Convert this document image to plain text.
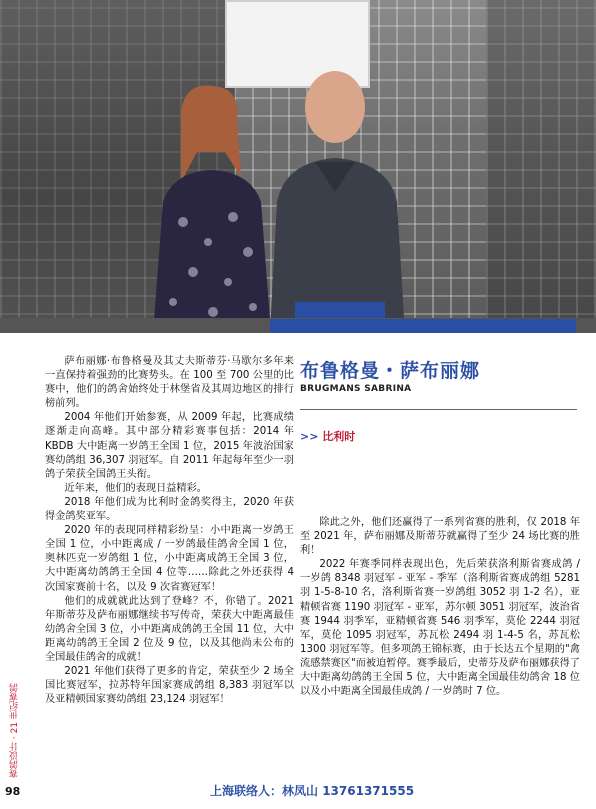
萨布丽娜·布鲁格曼及其丈夫斯蒂芬·马歇尔多年来一直保持着强劲的比赛势头。在 100 至 700 公里的比赛中，他们的鸽舍始终处于林堡省及其周边地区的排行榜前列。

2004 年他们开始参赛，从 2009 年起，比赛成绩逐渐走向高峰。其中部分精彩赛事包括：2014 年 KBDB 大中距离一岁鸽王全国 1 位，2015 年波治国家赛幼鸽组 36,307 羽冠军。自 2011 年起每年至少一羽鸽子荣获全国鸽王头衔。

近年来，他们的表现日益精彩。

2018 年他们成为比利时金鸽奖得主，2020 年获得金鸽奖亚军。

2020 年的表现同样精彩纷呈：小中距离一岁鸽王全国 1 位，小中距离成 / 一岁鸽最佳鸽舍全国 1 位，奥林匹克一岁鸽组 1 位，小中距离成鸽王全国 3 位，大中距离幼鸽鸽王全国 4 位等……除此之外还获得 4 次国家赛前十名，以及 9 次省赛冠军！

他们的成就就此达到了登峰？不，你错了。2021 年斯蒂芬及萨布丽娜继续书写传奇，荣获大中距离最佳幼鸽舍全国 3 位，小中距离成鸽鸽王全国 11 位，大中距离幼鸽鸽王全国 2 位及 9 位，以及其他尚未公布的全国最佳鸽舍的成就！

2021 年他们获得了更多的肯定，荣获至少 2 场全国比赛冠军，拉苏特年国家赛成鸽组 8,383 羽冠军以及亚精顿国家赛幼鸽组 23,124 羽冠军！

布鲁格曼・萨布丽娜
BRUGMANS SABRINA
>> 比利时

除此之外，他们还赢得了一系列省赛的胜利，仅 2018 年至 2021 年，萨布丽娜及斯蒂芬就赢得了至少 24 场比赛的胜利！

2022 年赛季同样表现出色，先后荣获洛利斯省赛成鸽 / 一岁鸽 8348 羽冠军 - 亚军 - 季军（洛利斯省赛成鸽组 5281 羽 1-5-8-10 名，洛利斯省赛一岁鸽组 3052 羽 1-2 名），亚精顿省赛 1190 羽冠军 - 亚军，苏尔顿 3051 羽冠军，波治省赛 1944 羽季军，亚精顿省赛 546 羽季军，莫伦 2244 羽冠军，莫伦 1095 羽冠军，苏瓦松 2494 羽 1-4-5 名，苏瓦松 1300 羽冠军等。但多项鸽王锦标赛，由于长达五个星期的"禽流感禁赛区"而被迫暂停。赛季最后，史蒂芬及萨布丽娜获得了大中距离幼鸽鸽王全国 5 位，大中距离全国最佳幼鸽舍 18 位以及小中距离全国最佳成鸽 / 一岁鸽时 7 位。

赛鸽设计 · 21 世纪赛鸽
98	上海联络人：林凤山 13761371555
